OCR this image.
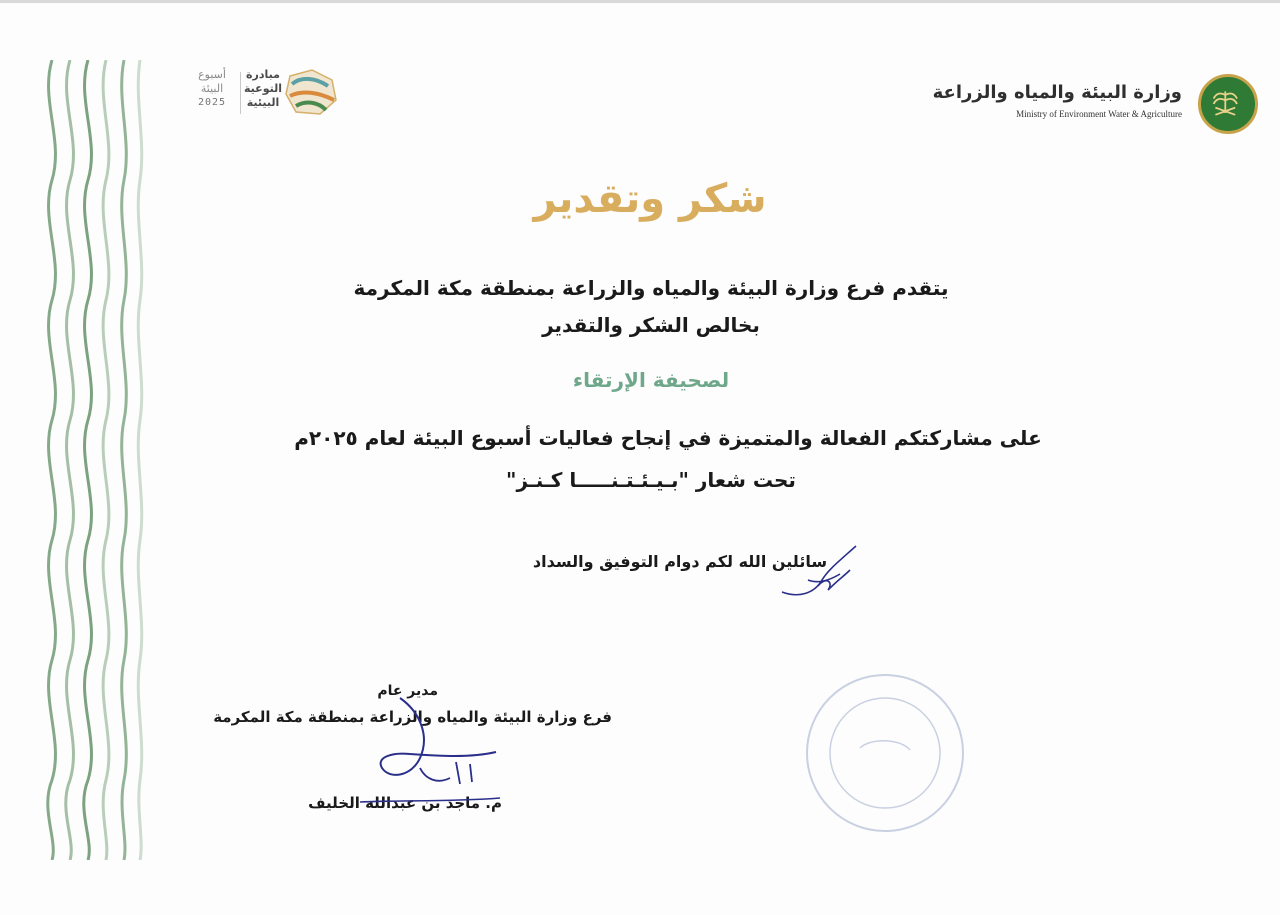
أسبوع
البيئة
2025
مبادرة
التوعية
البيئية	وزارة البيئة والمياه والزراعة
Ministry of Environment Water & Agriculture
شكر وتقدير
يتقدم فرع وزارة البيئة والمياه والزراعة بمنطقة مكة المكرمة
بخالص الشكر والتقدير
لصحيفة الإرتقاء
على مشاركتكم الفعالة والمتميزة في إنجاح فعاليات أسبوع البيئة لعام ٢٠٢٥م
تحت شعار "بـيـئـتـنـــــا كـنـز"
سائلين الله لكم دوام التوفيق والسداد
مدير عام
فرع وزارة البيئة والمياه والزراعة بمنطقة مكة المكرمة
م. ماجد بن عبدالله الخليف
